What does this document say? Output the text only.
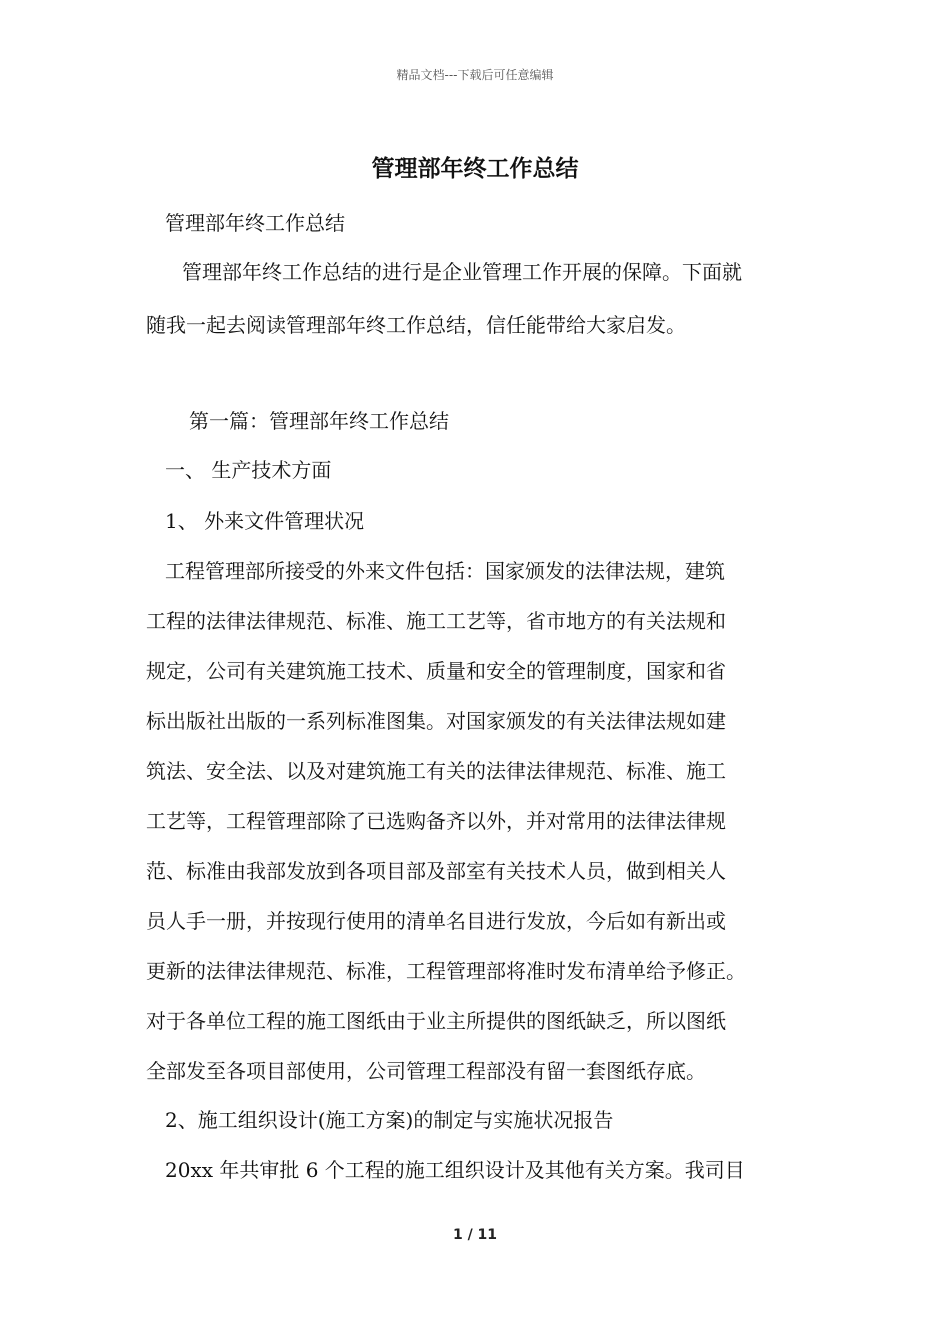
精品文档---下载后可任意编辑
管理部年终工作总结
管理部年终工作总结
管理部年终工作总结的进行是企业管理工作开展的保障。下面就
随我一起去阅读管理部年终工作总结，信任能带给大家启发。
第一篇：管理部年终工作总结
一、 生产技术方面
1、 外来文件管理状况
工程管理部所接受的外来文件包括：国家颁发的法律法规，建筑
工程的法律法律规范、标准、施工工艺等，省市地方的有关法规和
规定，公司有关建筑施工技术、质量和安全的管理制度，国家和省
标出版社出版的一系列标准图集。对国家颁发的有关法律法规如建
筑法、安全法、以及对建筑施工有关的法律法律规范、标准、施工
工艺等，工程管理部除了已选购备齐以外，并对常用的法律法律规
范、标准由我部发放到各项目部及部室有关技术人员，做到相关人
员人手一册，并按现行使用的清单名目进行发放，今后如有新出或
更新的法律法律规范、标准，工程管理部将准时发布清单给予修正。
对于各单位工程的施工图纸由于业主所提供的图纸缺乏，所以图纸
全部发至各项目部使用，公司管理工程部没有留一套图纸存底。
2、施工组织设计(施工方案)的制定与实施状况报告
20xx 年共审批 6 个工程的施工组织设计及其他有关方案。我司目
1 / 11
